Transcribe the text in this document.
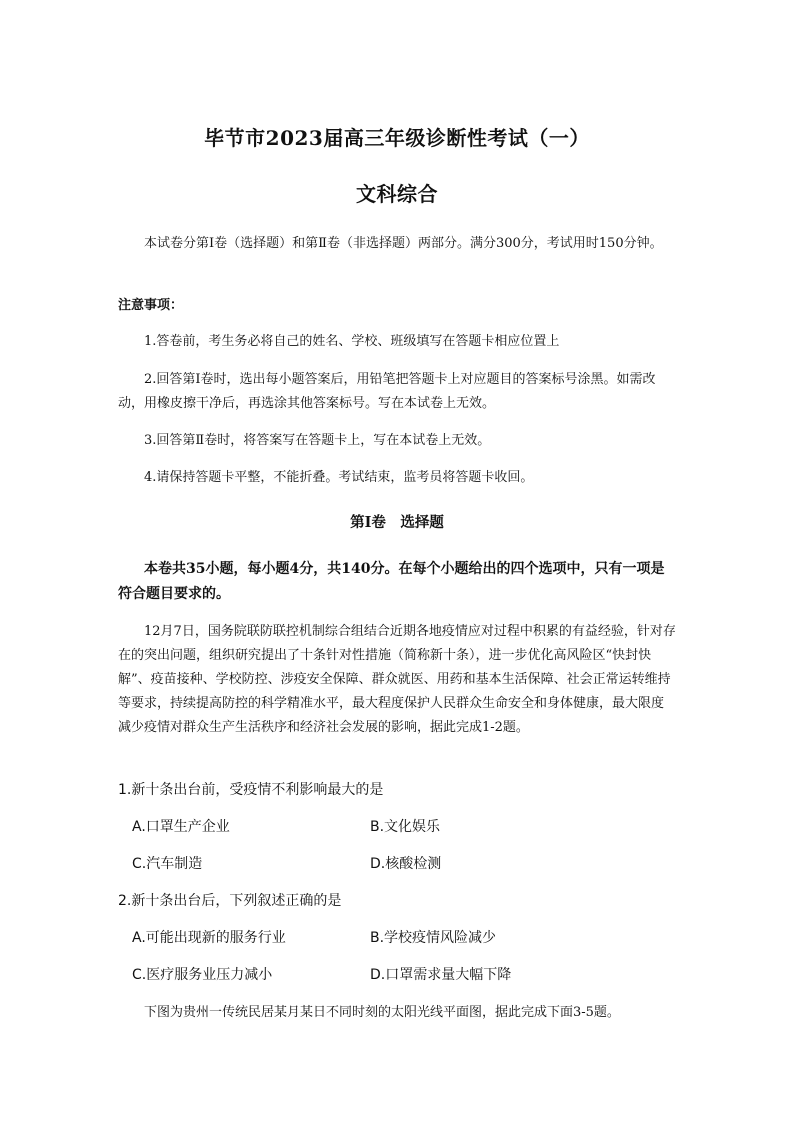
毕节市2023届高三年级诊断性考试（一）
文科综合
本试卷分第Ⅰ卷（选择题）和第Ⅱ卷（非选择题）两部分。满分300分，考试用时150分钟。
注意事项：
1.答卷前，考生务必将自己的姓名、学校、班级填写在答题卡相应位置上
2.回答第Ⅰ卷时，选出每小题答案后，用铅笔把答题卡上对应题目的答案标号涂黑。如需改动，用橡皮擦干净后，再选涂其他答案标号。写在本试卷上无效。
3.回答第Ⅱ卷时，将答案写在答题卡上，写在本试卷上无效。
4.请保持答题卡平整，不能折叠。考试结束，监考员将答题卡收回。
第Ⅰ卷　选择题
本卷共35小题，每小题4分，共140分。在每个小题给出的四个选项中，只有一项是符合题目要求的。
12月7日，国务院联防联控机制综合组结合近期各地疫情应对过程中积累的有益经验，针对存在的突出问题，组织研究提出了十条针对性措施（简称新十条），进一步优化高风险区“快封快解”、疫苗接种、学校防控、涉疫安全保障、群众就医、用药和基本生活保障、社会正常运转维持等要求，持续提高防控的科学精准水平，最大程度保护人民群众生命安全和身体健康，最大限度减少疫情对群众生产生活秩序和经济社会发展的影响，据此完成1-2题。
1.新十条出台前，受疫情不利影响最大的是
A.口罩生产企业	B.文化娱乐
C.汽车制造	D.核酸检测
2.新十条出台后，下列叙述正确的是
A.可能出现新的服务行业	B.学校疫情风险减少
C.医疗服务业压力减小	D.口罩需求量大幅下降
下图为贵州一传统民居某月某日不同时刻的太阳光线平面图，据此完成下面3-5题。
